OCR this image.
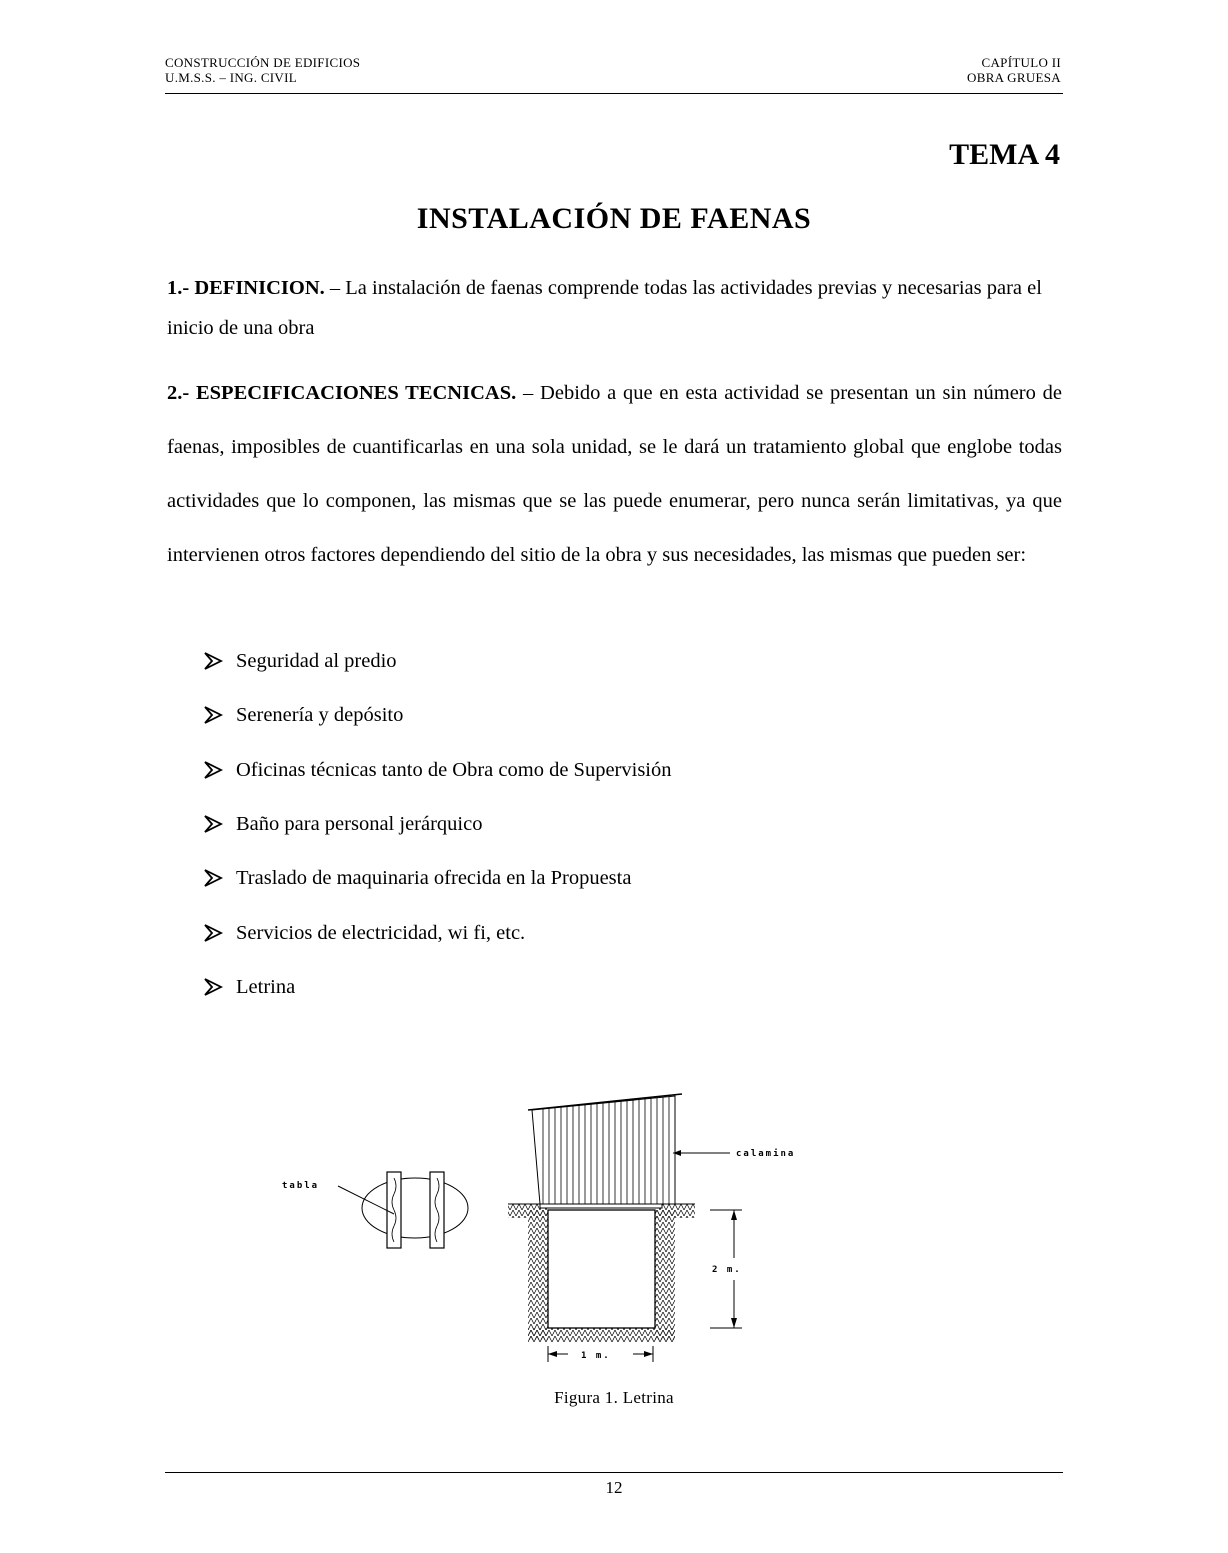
CONSTRUCCIÓN DE EDIFICIOS
U.M.S.S. – ING. CIVIL
CAPÍTULO II
OBRA GRUESA
TEMA 4
INSTALACIÓN DE FAENAS
1.- DEFINICION. – La instalación de faenas comprende todas las actividades previas y necesarias para el inicio de una obra
2.- ESPECIFICACIONES TECNICAS. – Debido a que en esta actividad se presentan un sin número de faenas, imposibles de cuantificarlas en una sola unidad, se le dará un tratamiento global que englobe todas actividades que lo componen, las mismas que se las puede enumerar, pero nunca serán limitativas, ya que intervienen otros factores dependiendo del sitio de la obra y sus necesidades, las mismas que pueden ser:
Seguridad al predio
Serenería y depósito
Oficinas técnicas tanto de Obra como de Supervisión
Baño para personal jerárquico
Traslado de maquinaria ofrecida en la Propuesta
Servicios de electricidad, wi fi, etc.
Letrina
tabla
calamina
2 m.
1 m.
Figura 1. Letrina
12
